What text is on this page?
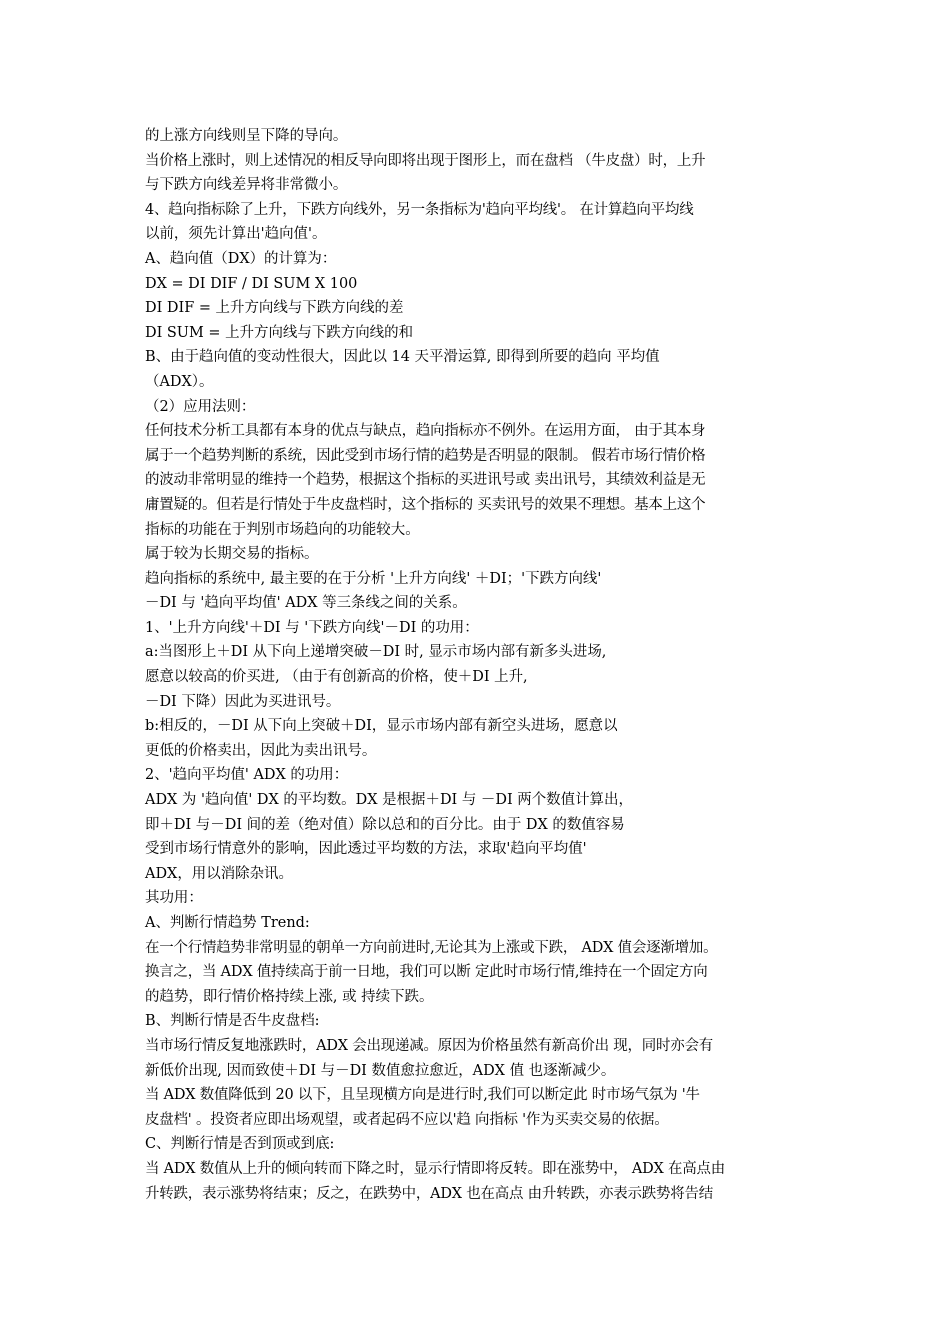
的上涨方向线则呈下降的导向。
当价格上涨时，则上述情况的相反导向即将出现于图形上，而在盘档 （牛皮盘）时，上升
与下跌方向线差异将非常微小。
4、趋向指标除了上升，下跌方向线外，另一条指标为'趋向平均线'。 在计算趋向平均线
以前，须先计算出'趋向值'。
A、趋向值（DX）的计算为：
DX = DI DIF / DI SUM X 100
DI DIF = 上升方向线与下跌方向线的差
DI SUM = 上升方向线与下跌方向线的和
B、由于趋向值的变动性很大，因此以 14 天平滑运算, 即得到所要的趋向 平均值
（ADX）。
（2）应用法则：
任何技术分析工具都有本身的优点与缺点，趋向指标亦不例外。在运用方面， 由于其本身
属于一个趋势判断的系统，因此受到市场行情的趋势是否明显的限制。 假若市场行情价格
的波动非常明显的维持一个趋势，根据这个指标的买进讯号或 卖出讯号，其绩效利益是无
庸置疑的。但若是行情处于牛皮盘档时，这个指标的 买卖讯号的效果不理想。基本上这个
指标的功能在于判别市场趋向的功能较大。
属于较为长期交易的指标。
趋向指标的系统中, 最主要的在于分析 '上升方向线' ＋DI；'下跌方向线'
－DI 与 '趋向平均值' ADX 等三条线之间的关系。
1、'上升方向线'＋DI 与 '下跌方向线'－DI 的功用：
a:当图形上＋DI 从下向上递增突破－DI 时, 显示市场内部有新多头进场,
愿意以较高的价买进, （由于有创新高的价格，使＋DI 上升,
－DI 下降）因此为买进讯号。
b:相反的，－DI 从下向上突破＋DI，显示市场内部有新空头进场，愿意以
更低的价格卖出，因此为卖出讯号。
2、'趋向平均值' ADX 的功用：
ADX 为 '趋向值' DX 的平均数。DX 是根据＋DI 与 －DI 两个数值计算出，
即＋DI 与－DI 间的差（绝对值）除以总和的百分比。由于 DX 的数值容易
受到市场行情意外的影响，因此透过平均数的方法，求取'趋向平均值'
ADX，用以消除杂讯。
其功用：
A、判断行情趋势 Trend:
在一个行情趋势非常明显的朝单一方向前进时,无论其为上涨或下跌， ADX 值会逐渐增加。
换言之，当 ADX 值持续高于前一日地，我们可以断 定此时市场行情,维持在一个固定方向
的趋势，即行情价格持续上涨, 或 持续下跌。
B、判断行情是否牛皮盘档:
当市场行情反复地涨跌时，ADX 会出现递减。原因为价格虽然有新高价出 现，同时亦会有
新低价出现, 因而致使＋DI 与－DI 数值愈拉愈近，ADX 值 也逐渐减少。
当 ADX 数值降低到 20 以下，且呈现横方向是进行时,我们可以断定此 时市场气氛为 '牛
皮盘档' 。投资者应即出场观望，或者起码不应以'趋 向指标 '作为买卖交易的依据。
C、判断行情是否到顶或到底:
当 ADX 数值从上升的倾向转而下降之时，显示行情即将反转。即在涨势中， ADX 在高点由
升转跌，表示涨势将结束；反之，在跌势中，ADX 也在高点 由升转跌，亦表示跌势将告结
